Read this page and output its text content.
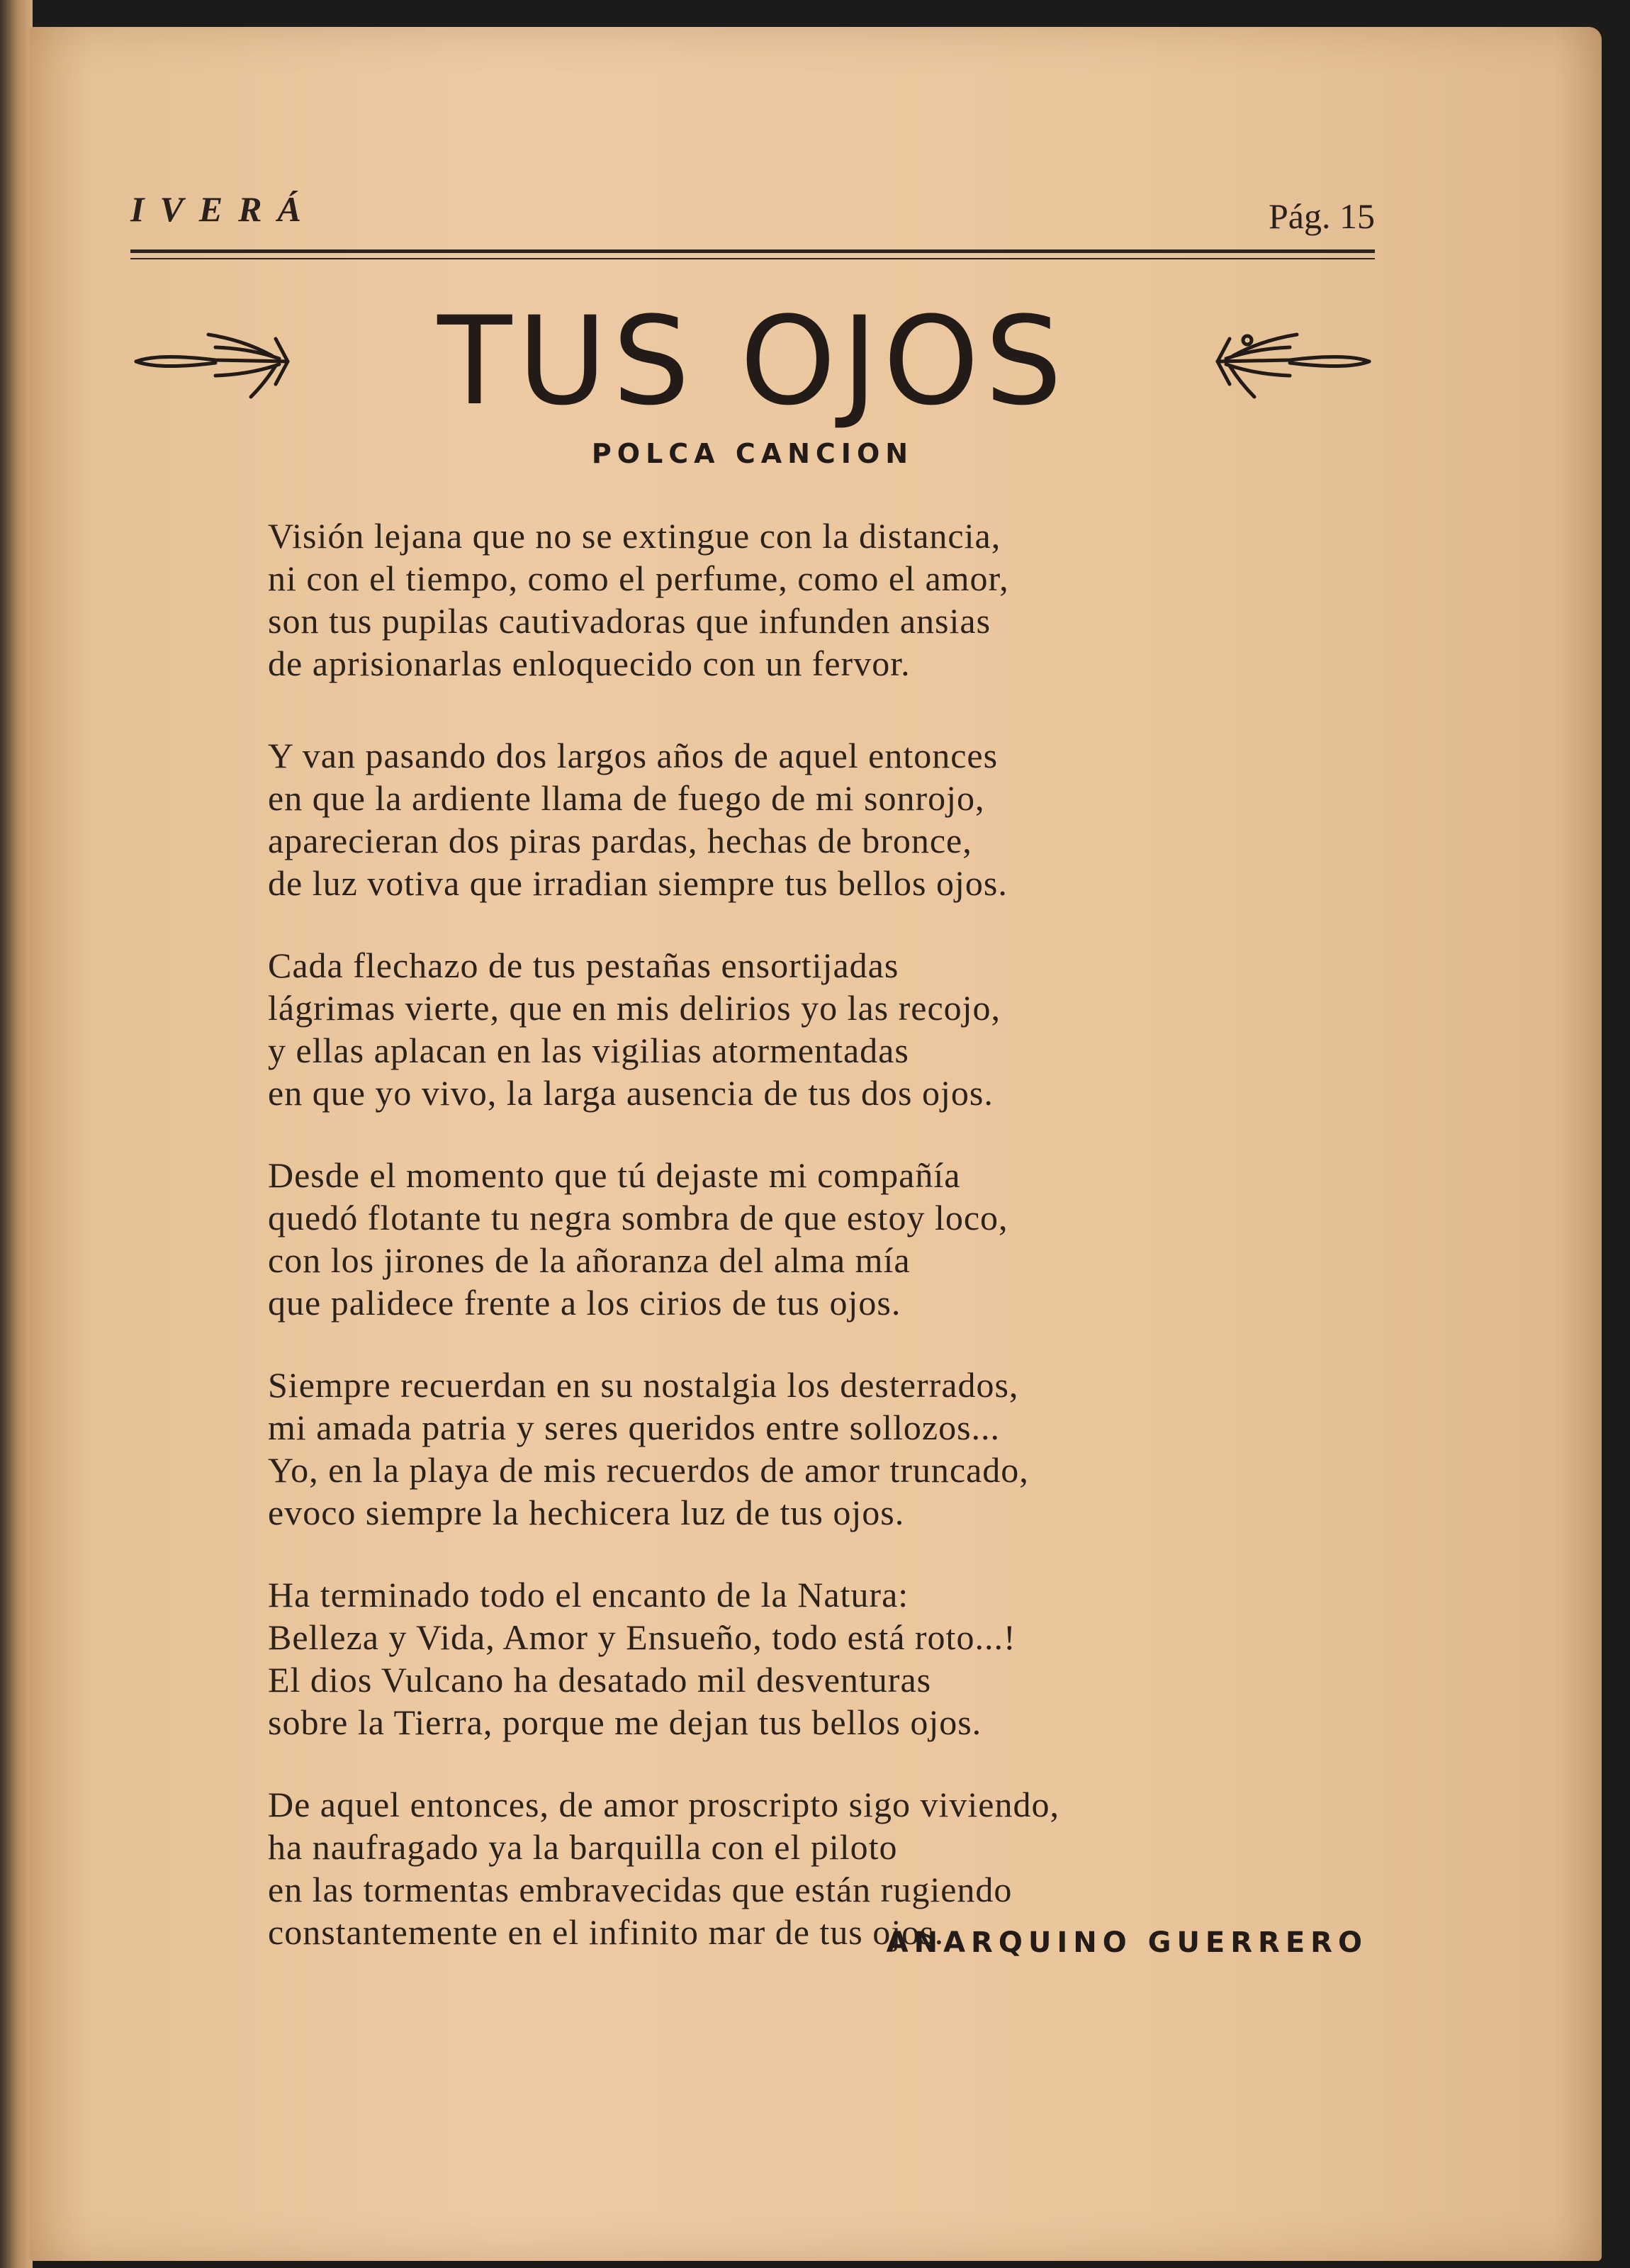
IVERÁ	Pág. 15
TUS OJOS
POLCA CANCION
Visión lejana que no se extingue con la distancia,
ni con el tiempo, como el perfume, como el amor,
son tus pupilas cautivadoras que infunden ansias
de aprisionarlas enloquecido con un fervor.
Y van pasando dos largos años de aquel entonces
en que la ardiente llama de fuego de mi sonrojo,
aparecieran dos piras pardas, hechas de bronce,
de luz votiva que irradian siempre tus bellos ojos.
Cada flechazo de tus pestañas ensortijadas
lágrimas vierte, que en mis delirios yo las recojo,
y ellas aplacan en las vigilias atormentadas
en que yo vivo, la larga ausencia de tus dos ojos.
Desde el momento que tú dejaste mi compañía
quedó flotante tu negra sombra de que estoy loco,
con los jirones de la añoranza del alma mía
que palidece frente a los cirios de tus ojos.
Siempre recuerdan en su nostalgia los desterrados,
mi amada patria y seres queridos entre sollozos...
Yo, en la playa de mis recuerdos de amor truncado,
evoco siempre la hechicera luz de tus ojos.
Ha terminado todo el encanto de la Natura:
Belleza y Vida, Amor y Ensueño, todo está roto...!
El dios Vulcano ha desatado mil desventuras
sobre la Tierra, porque me dejan tus bellos ojos.
De aquel entonces, de amor proscripto sigo viviendo,
ha naufragado ya la barquilla con el piloto
en las tormentas embravecidas que están rugiendo
constantemente en el infinito mar de tus ojos.
ANARQUINO GUERRERO
